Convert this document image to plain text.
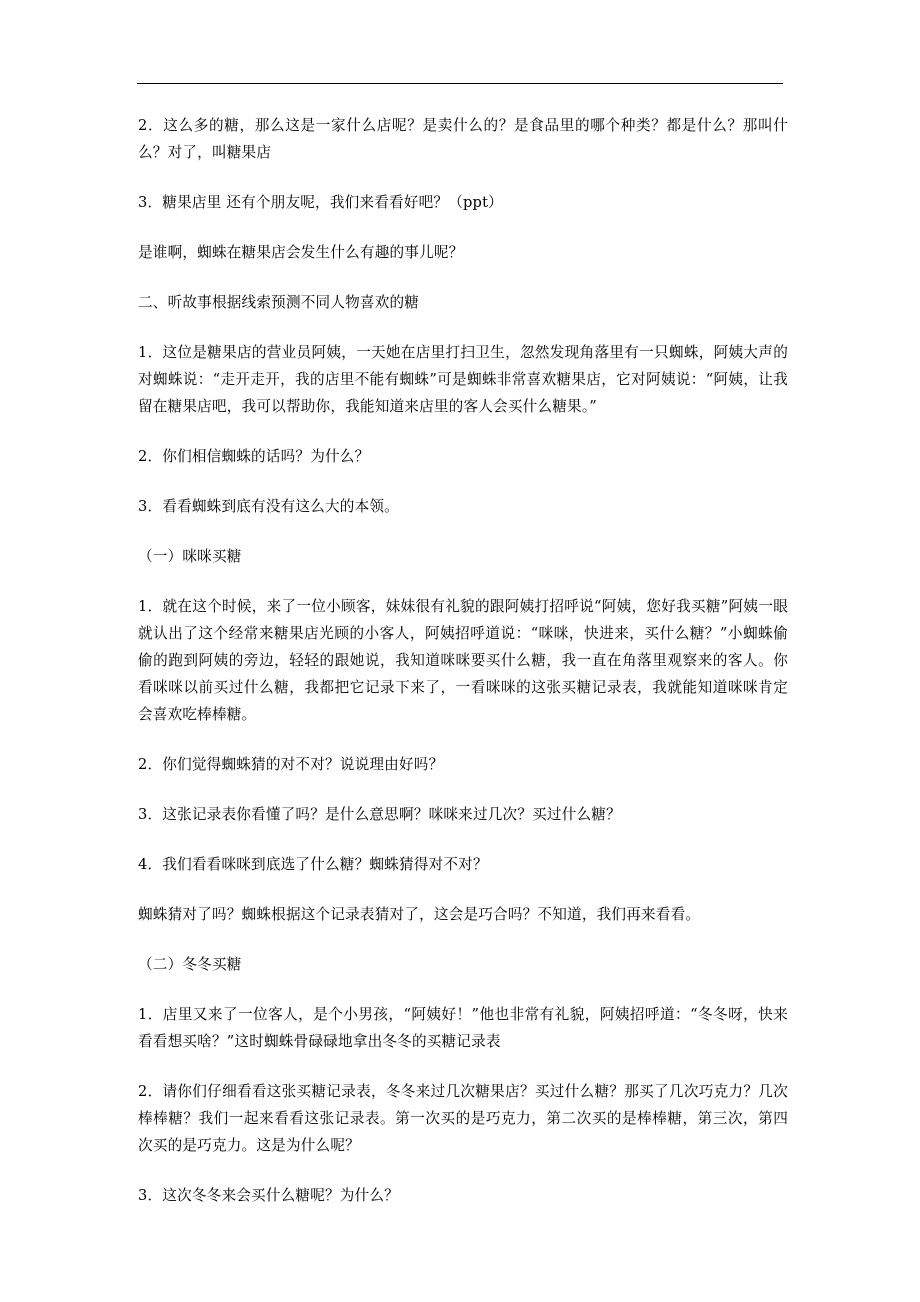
2．这么多的糖，那么这是一家什么店呢？是卖什么的？是食品里的哪个种类？都是什么？那叫什么？对了，叫糖果店

3．糖果店里 还有个朋友呢，我们来看看好吧？（ppt）

是谁啊，蜘蛛在糖果店会发生什么有趣的事儿呢？

二、听故事根据线索预测不同人物喜欢的糖

1．这位是糖果店的营业员阿姨，一天她在店里打扫卫生，忽然发现角落里有一只蜘蛛，阿姨大声的对蜘蛛说：“走开走开，我的店里不能有蜘蛛”可是蜘蛛非常喜欢糖果店，它对阿姨说：“阿姨，让我留在糖果店吧，我可以帮助你，我能知道来店里的客人会买什么糖果。”

2．你们相信蜘蛛的话吗？为什么？

3．看看蜘蛛到底有没有这么大的本领。

（一）咪咪买糖

1．就在这个时候，来了一位小顾客，妹妹很有礼貌的跟阿姨打招呼说“阿姨，您好我买糖”阿姨一眼就认出了这个经常来糖果店光顾的小客人，阿姨招呼道说：“咪咪，快进来，买什么糖？”小蜘蛛偷偷的跑到阿姨的旁边，轻轻的跟她说，我知道咪咪要买什么糖，我一直在角落里观察来的客人。你看咪咪以前买过什么糖，我都把它记录下来了，一看咪咪的这张买糖记录表，我就能知道咪咪肯定会喜欢吃棒棒糖。

2．你们觉得蜘蛛猜的对不对？说说理由好吗？

3．这张记录表你看懂了吗？是什么意思啊？咪咪来过几次？买过什么糖？

4．我们看看咪咪到底选了什么糖？蜘蛛猜得对不对？

蜘蛛猜对了吗？蜘蛛根据这个记录表猜对了，这会是巧合吗？不知道，我们再来看看。

（二）冬冬买糖

1．店里又来了一位客人，是个小男孩，“阿姨好！”他也非常有礼貌，阿姨招呼道：“冬冬呀，快来看看想买啥？”这时蜘蛛骨碌碌地拿出冬冬的买糖记录表

2．请你们仔细看看这张买糖记录表，冬冬来过几次糖果店？买过什么糖？那买了几次巧克力？几次棒棒糖？我们一起来看看这张记录表。第一次买的是巧克力，第二次买的是棒棒糖，第三次，第四次买的是巧克力。这是为什么呢？

3．这次冬冬来会买什么糖呢？为什么？
